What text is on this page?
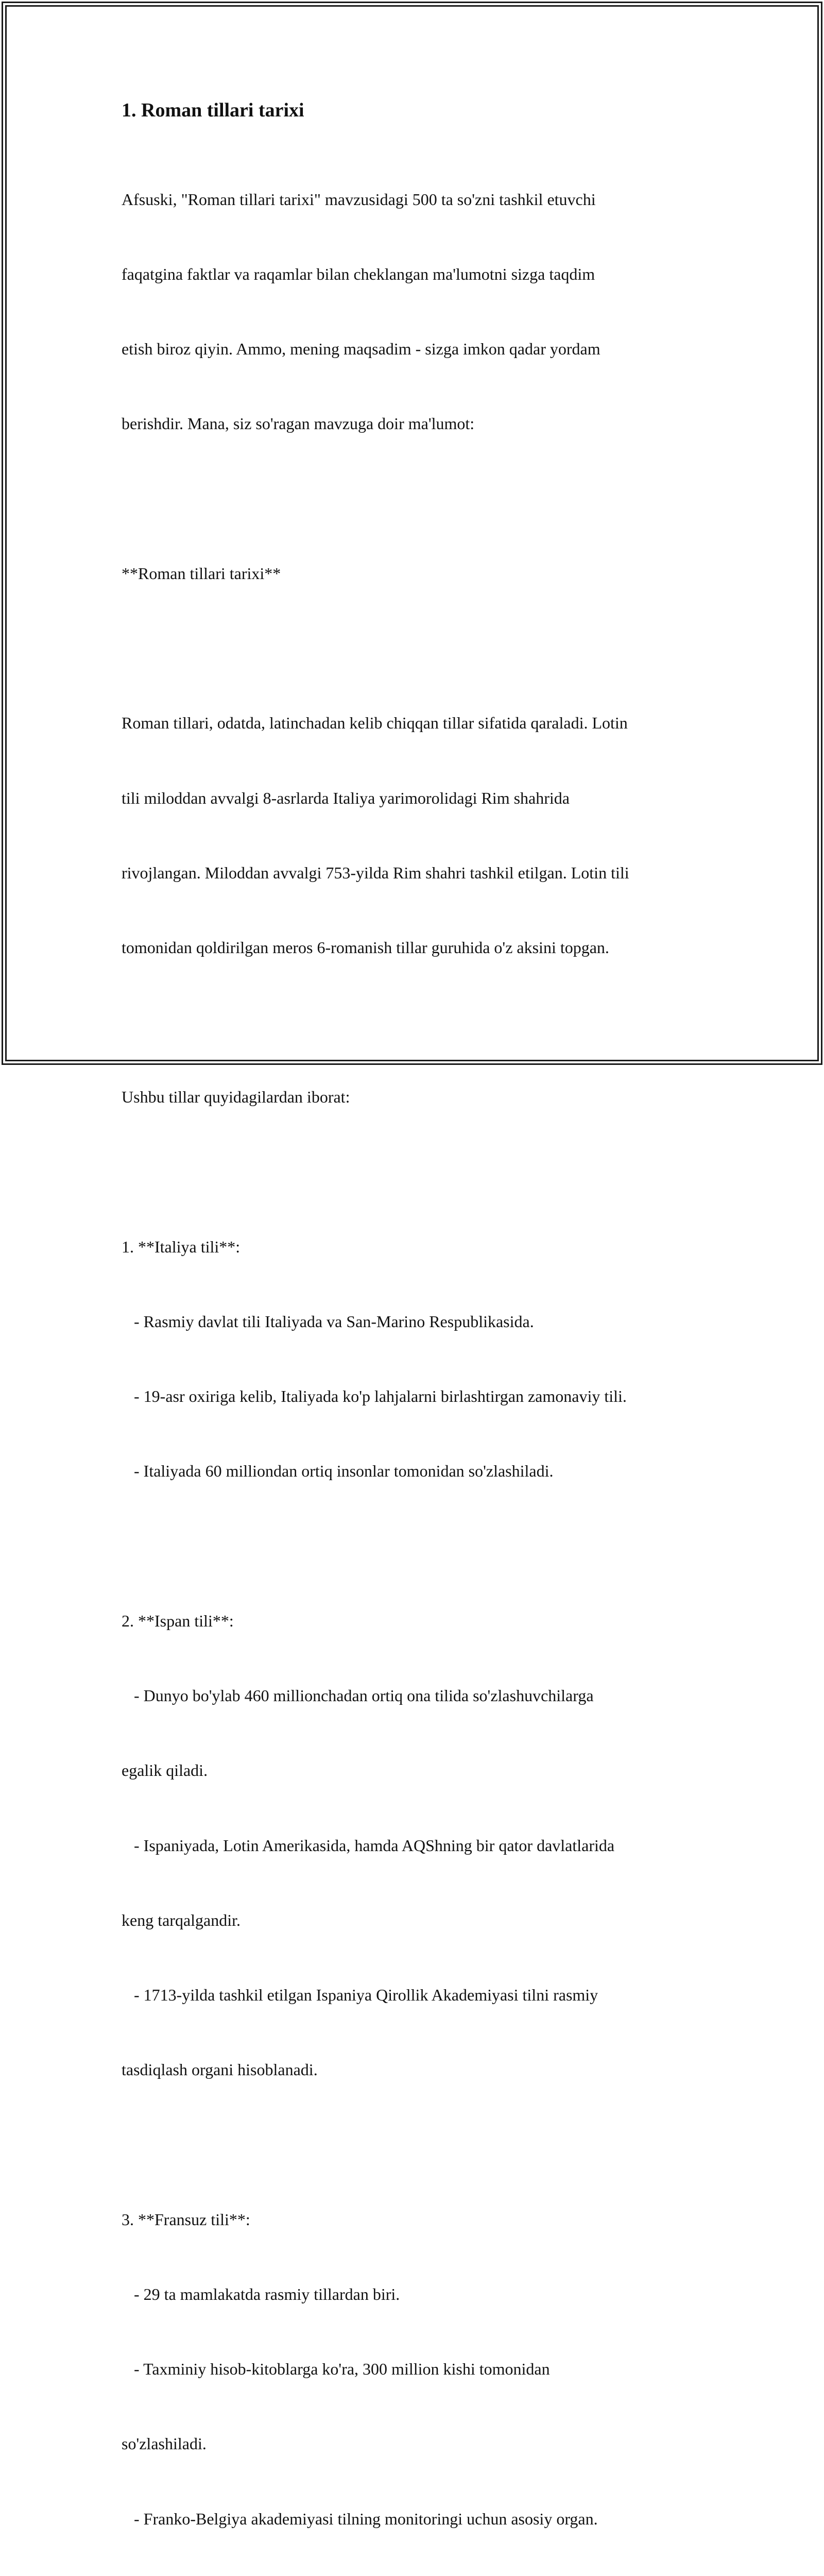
1. Roman tillari tarixi

Afsuski, "Roman tillari tarixi" mavzusidagi 500 ta so'zni tashkil etuvchi

faqatgina faktlar va raqamlar bilan cheklangan ma'lumotni sizga taqdim

etish biroz qiyin. Ammo, mening maqsadim - sizga imkon qadar yordam

berishdir. Mana, siz so'ragan mavzuga doir ma'lumot:

**Roman tillari tarixi**

Roman tillari, odatda, latinchadan kelib chiqqan tillar sifatida qaraladi. Lotin

tili miloddan avvalgi 8-asrlarda Italiya yarimorolidagi Rim shahrida

rivojlangan. Miloddan avvalgi 753-yilda Rim shahri tashkil etilgan. Lotin tili

tomonidan qoldirilgan meros 6-romanish tillar guruhida o'z aksini topgan.

Ushbu tillar quyidagilardan iborat:

1. **Italiya tili**:

- Rasmiy davlat tili Italiyada va San-Marino Respublikasida.

- 19-asr oxiriga kelib, Italiyada ko'p lahjalarni birlashtirgan zamonaviy tili.

- Italiyada 60 milliondan ortiq insonlar tomonidan so'zlashiladi.

2. **Ispan tili**:

- Dunyo bo'ylab 460 millionchadan ortiq ona tilida so'zlashuvchilarga

egalik qiladi.

- Ispaniyada, Lotin Amerikasida, hamda AQShning bir qator davlatlarida

keng tarqalgandir.

- 1713-yilda tashkil etilgan Ispaniya Qirollik Akademiyasi tilni rasmiy

tasdiqlash organi hisoblanadi.

3. **Fransuz tili**:

- 29 ta mamlakatda rasmiy tillardan biri.

- Taxminiy hisob-kitoblarga ko'ra, 300 million kishi tomonidan

so'zlashiladi.

- Franko-Belgiya akademiyasi tilning monitoringi uchun asosiy organ.
